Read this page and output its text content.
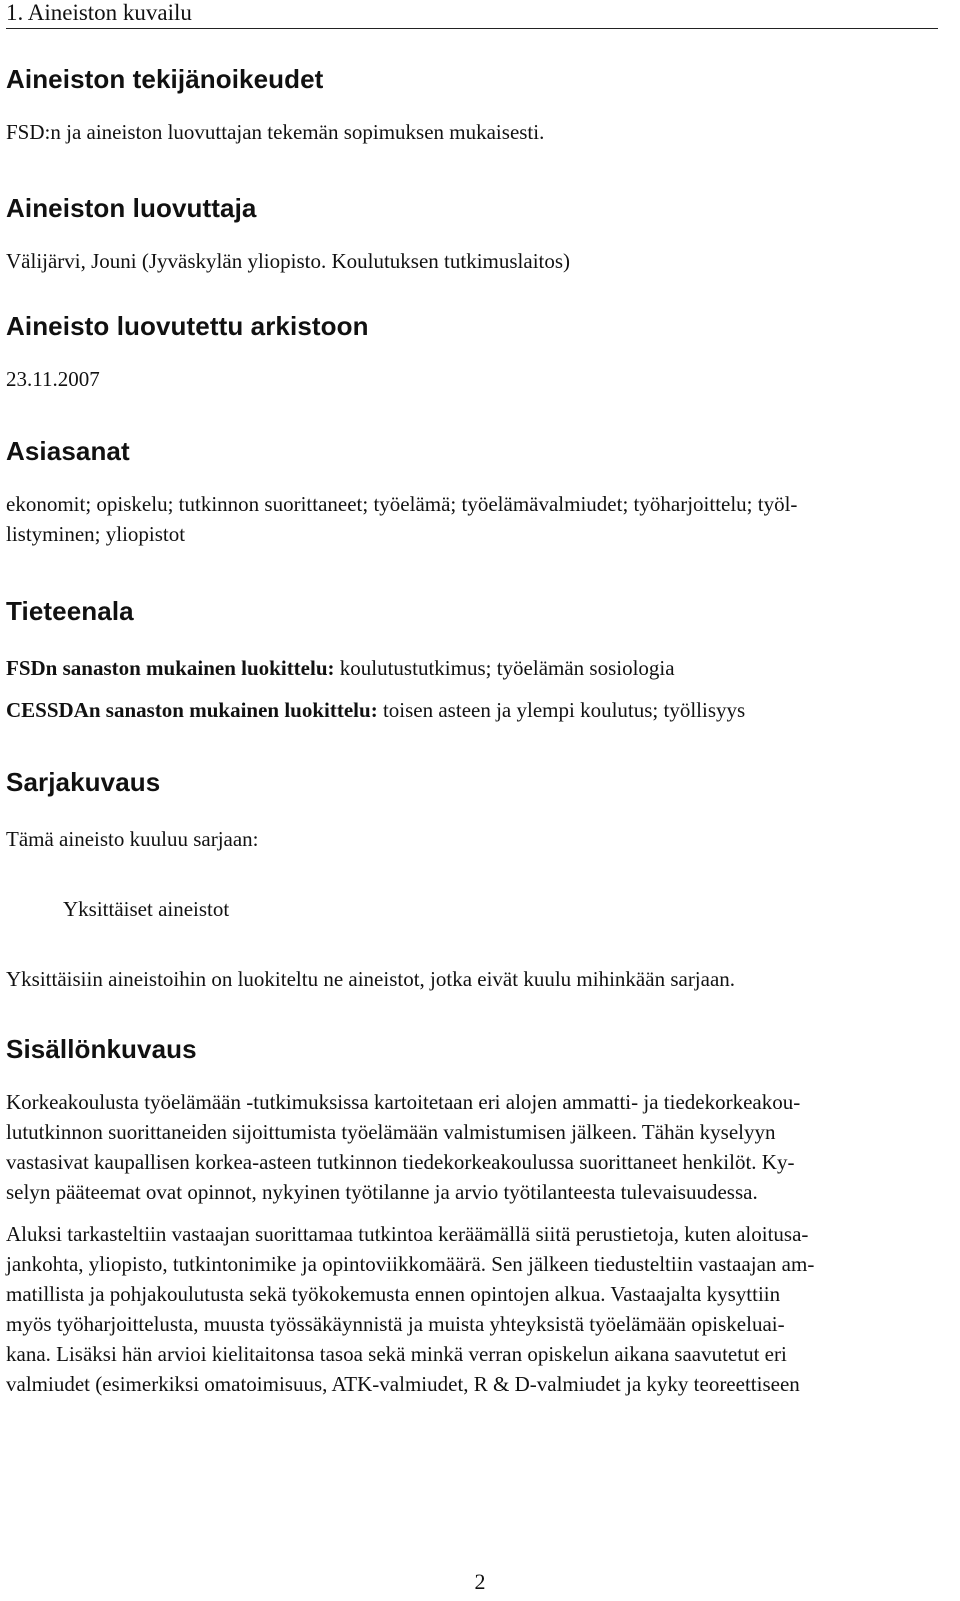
1. Aineiston kuvailu
Aineiston tekijänoikeudet

FSD:n ja aineiston luovuttajan tekemän sopimuksen mukaisesti.

Aineiston luovuttaja

Välijärvi, Jouni (Jyväskylän yliopisto. Koulutuksen tutkimuslaitos)

Aineisto luovutettu arkistoon

23.11.2007

Asiasanat

ekonomit; opiskelu; tutkinnon suorittaneet; työelämä; työelämävalmiudet; työharjoittelu; työl-

listyminen; yliopistot

Tieteenala

FSDn sanaston mukainen luokittelu: koulutustutkimus; työelämän sosiologia

CESSDAn sanaston mukainen luokittelu: toisen asteen ja ylempi koulutus; työllisyys

Sarjakuvaus

Tämä aineisto kuuluu sarjaan:

Yksittäiset aineistot

Yksittäisiin aineistoihin on luokiteltu ne aineistot, jotka eivät kuulu mihinkään sarjaan.

Sisällönkuvaus

Korkeakoulusta työelämään -tutkimuksissa kartoitetaan eri alojen ammatti- ja tiedekorkeakou-

lututkinnon suorittaneiden sijoittumista työelämään valmistumisen jälkeen. Tähän kyselyyn

vastasivat kaupallisen korkea-asteen tutkinnon tiedekorkeakoulussa suorittaneet henkilöt. Ky-

selyn pääteemat ovat opinnot, nykyinen työtilanne ja arvio työtilanteesta tulevaisuudessa.

Aluksi tarkasteltiin vastaajan suorittamaa tutkintoa keräämällä siitä perustietoja, kuten aloitusa-

jankohta, yliopisto, tutkintonimike ja opintoviikkomäärä. Sen jälkeen tiedusteltiin vastaajan am-

matillista ja pohjakoulutusta sekä työkokemusta ennen opintojen alkua. Vastaajalta kysyttiin

myös työharjoittelusta, muusta työssäkäynnistä ja muista yhteyksistä työelämään opiskeluai-

kana. Lisäksi hän arvioi kielitaitonsa tasoa sekä minkä verran opiskelun aikana saavutetut eri

valmiudet (esimerkiksi omatoimisuus, ATK-valmiudet, R & D-valmiudet ja kyky teoreettiseen

2
